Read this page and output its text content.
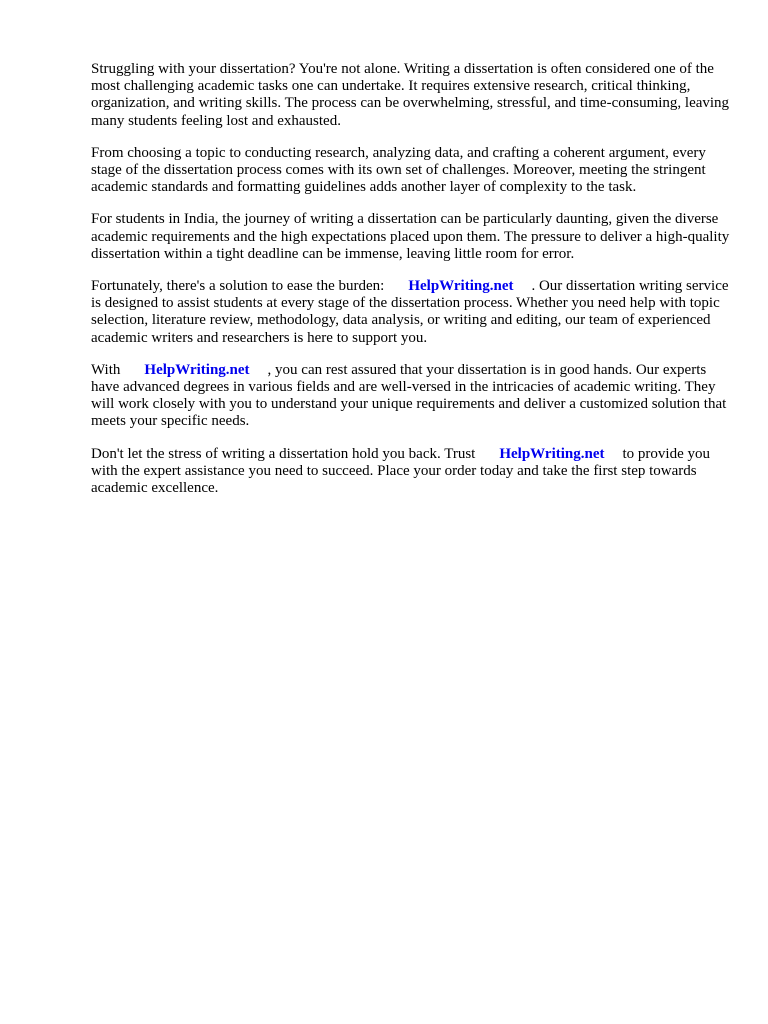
Struggling with your dissertation? You're not alone. Writing a dissertation is often considered one of the most challenging academic tasks one can undertake. It requires extensive research, critical thinking, organization, and writing skills. The process can be overwhelming, stressful, and time-consuming, leaving many students feeling lost and exhausted.

From choosing a topic to conducting research, analyzing data, and crafting a coherent argument, every stage of the dissertation process comes with its own set of challenges. Moreover, meeting the stringent academic standards and formatting guidelines adds another layer of complexity to the task.

For students in India, the journey of writing a dissertation can be particularly daunting, given the diverse academic requirements and the high expectations placed upon them. The pressure to deliver a high-quality dissertation within a tight deadline can be immense, leaving little room for error.

Fortunately, there's a solution to ease the burden: HelpWriting.net . Our dissertation writing service is designed to assist students at every stage of the dissertation process. Whether you need help with topic selection, literature review, methodology, data analysis, or writing and editing, our team of experienced academic writers and researchers is here to support you.

With HelpWriting.net , you can rest assured that your dissertation is in good hands. Our experts have advanced degrees in various fields and are well-versed in the intricacies of academic writing. They will work closely with you to understand your unique requirements and deliver a customized solution that meets your specific needs.

Don't let the stress of writing a dissertation hold you back. Trust HelpWriting.net to provide you with the expert assistance you need to succeed. Place your order today and take the first step towards academic excellence.
